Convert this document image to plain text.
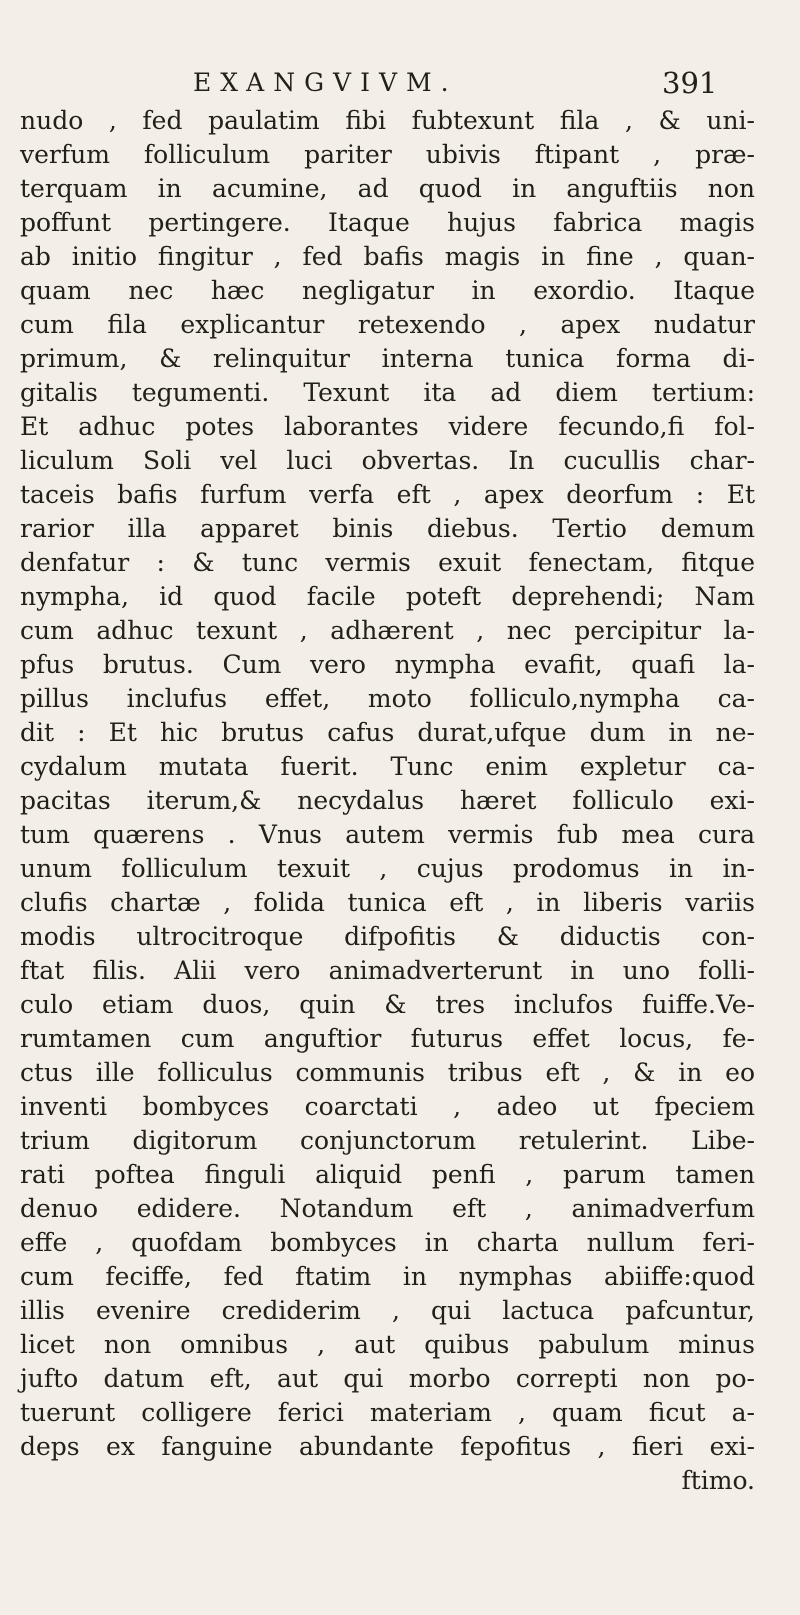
EXANGVIVM.	391
nudo , fed paulatim fibi fubtexunt fila , & uni-
verfum folliculum pariter ubivis ftipant , præ-
terquam in acumine, ad quod in anguftiis non
poffunt pertingere. Itaque hujus fabrica magis
ab initio fingitur , fed bafis magis in fine , quan-
quam nec hæc negligatur in exordio. Itaque
cum fila explicantur retexendo , apex nudatur
primum, & relinquitur interna tunica forma di-
gitalis tegumenti. Texunt ita ad diem tertium:
Et adhuc potes laborantes videre fecundo,fi fol-
liculum Soli vel luci obvertas. In cucullis char-
taceis bafis furfum verfa eft , apex deorfum : Et
rarior illa apparet binis diebus. Tertio demum
denfatur : & tunc vermis exuit fenectam, fitque
nympha, id quod facile poteft deprehendi; Nam
cum adhuc texunt , adhærent , nec percipitur la-
pfus brutus. Cum vero nympha evafit, quafi la-
pillus inclufus effet, moto folliculo,nympha ca-
dit : Et hic brutus cafus durat,ufque dum in ne-
cydalum mutata fuerit. Tunc enim expletur ca-
pacitas iterum,& necydalus hæret folliculo exi-
tum quærens . Vnus autem vermis fub mea cura
unum folliculum texuit , cujus prodomus in in-
clufis chartæ , folida tunica eft , in liberis variis
modis ultrocitroque difpofitis & diductis con-
ftat filis. Alii vero animadverterunt in uno folli-
culo etiam duos, quin & tres inclufos fuiffe.Ve-
rumtamen cum anguftior futurus effet locus, fe-
ctus ille folliculus communis tribus eft , & in eo
inventi bombyces coarctati , adeo ut fpeciem
trium digitorum conjunctorum retulerint. Libe-
rati poftea finguli aliquid penfi , parum tamen
denuo edidere. Notandum eft , animadverfum
effe , quofdam bombyces in charta nullum feri-
cum feciffe, fed ftatim in nymphas abiiffe:quod
illis evenire crediderim , qui lactuca pafcuntur,
licet non omnibus , aut quibus pabulum minus
jufto datum eft, aut qui morbo correpti non po-
tuerunt colligere ferici materiam , quam ficut a-
deps ex fanguine abundante fepofitus , fieri exi-
ftimo.
